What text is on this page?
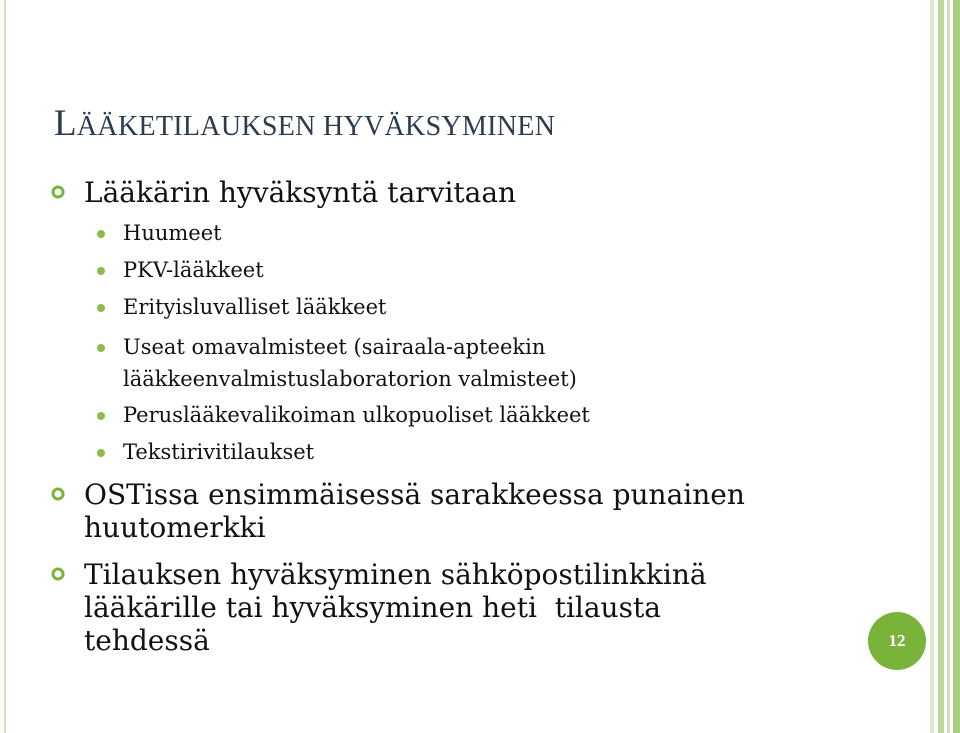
LÄÄKETILAUKSEN HYVÄKSYMINEN
Lääkärin hyväksyntä tarvitaan
Huumeet
PKV-lääkkeet
Erityisluvalliset lääkkeet
Useat omavalmisteet (sairaala-apteekin
lääkkeenvalmistuslaboratorion valmisteet)
Peruslääkevalikoiman ulkopuoliset lääkkeet
Tekstirivitilaukset
OSTissa ensimmäisessä sarakkeessa punainen
huutomerkki
Tilauksen hyväksyminen sähköpostilinkkinä
lääkärille tai hyväksyminen heti  tilausta
tehdessä	12
